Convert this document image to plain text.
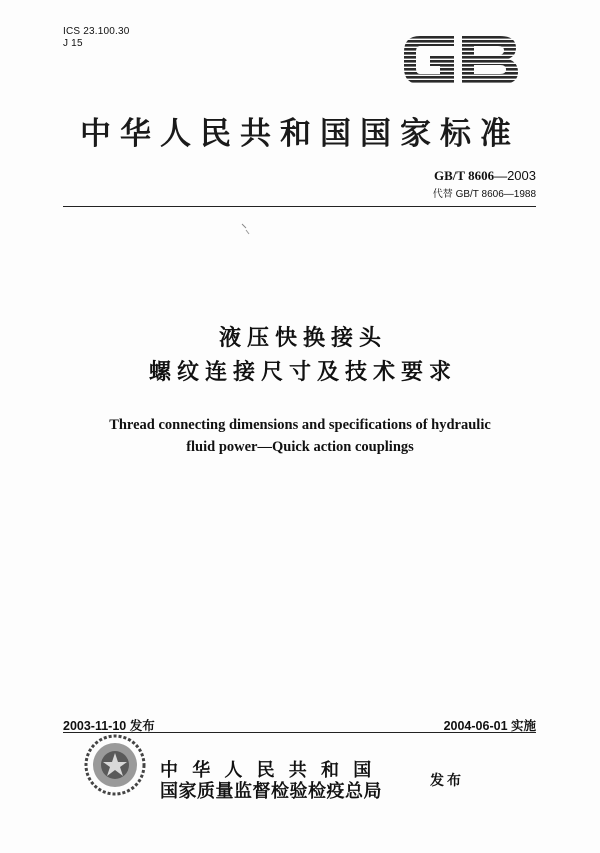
ICS 23.100.30
J 15
中华人民共和国国家标准
GB/T 8606—2003
代替 GB/T 8606—1988
液压快换接头
螺纹连接尺寸及技术要求
Thread connecting dimensions and specifications of hydraulic
fluid power—Quick action couplings
2003-11-10 发布	2004-06-01 实施
中华人民共和国
国家质量监督检验检疫总局	发布
